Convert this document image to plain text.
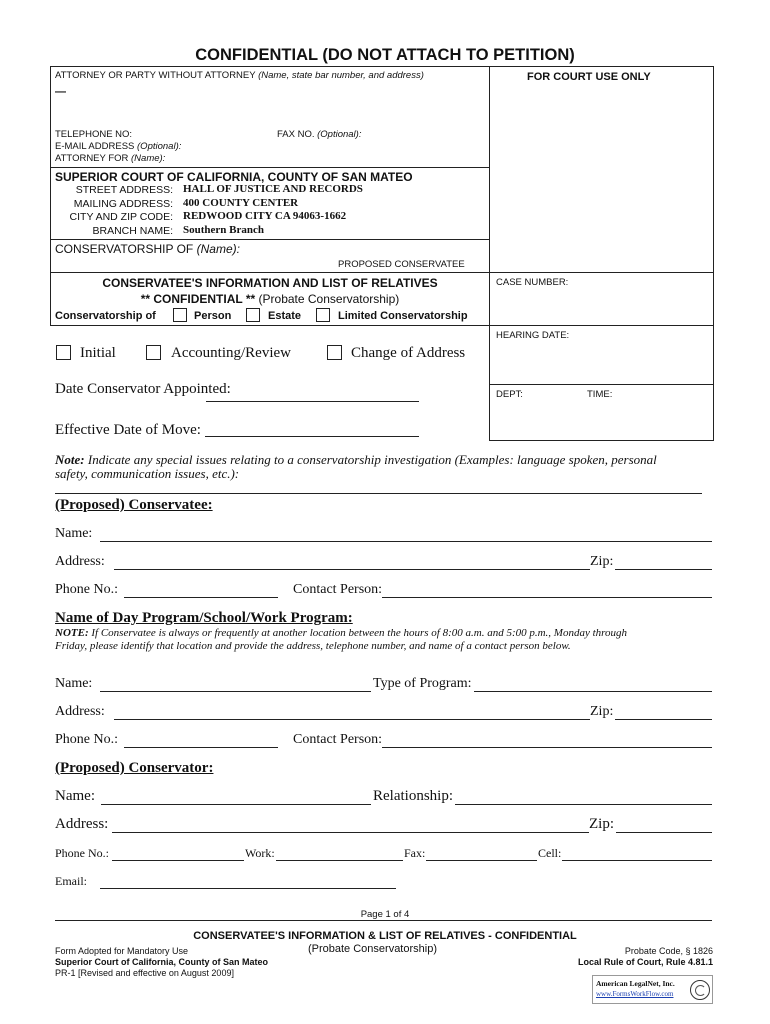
CONFIDENTIAL (DO NOT ATTACH TO PETITION)
ATTORNEY OR PARTY WITHOUT ATTORNEY (Name, state bar number, and address)
—
FOR COURT USE ONLY
TELEPHONE NO:	FAX NO. (Optional):
E-MAIL ADDRESS (Optional):
ATTORNEY FOR (Name):
SUPERIOR COURT OF CALIFORNIA, COUNTY OF SAN MATEO
STREET ADDRESS: HALL OF JUSTICE AND RECORDS
MAILING ADDRESS: 400 COUNTY CENTER
CITY AND ZIP CODE: REDWOOD CITY CA 94063-1662
BRANCH NAME: Southern Branch
CONSERVATORSHIP OF (Name):
PROPOSED CONSERVATEE
CONSERVATEE'S INFORMATION AND LIST OF RELATIVES
** CONFIDENTIAL ** (Probate Conservatorship)
Conservatorship of	Person	Estate	Limited Conservatorship
CASE NUMBER:
HEARING DATE:
DEPT:	TIME:
Initial	Accounting/Review	Change of Address
Date Conservator Appointed:
Effective Date of Move:
Note: Indicate any special issues relating to a conservatorship investigation (Examples: language spoken, personal
safety, communication issues, etc.):
(Proposed) Conservatee:
Name:
Address:	Zip:
Phone No.:	Contact Person:
Name of Day Program/School/Work Program:
NOTE: If Conservatee is always or frequently at another location between the hours of 8:00 a.m. and 5:00 p.m., Monday through
Friday, please identify that location and provide the address, telephone number, and name of a contact person below.
Name:	Type of Program:
Address:	Zip:
Phone No.:	Contact Person:
(Proposed) Conservator:
Name:	Relationship:
Address:	Zip:
Phone No.:	Work:	Fax:	Cell:
Email:
Page 1 of 4
CONSERVATEE'S INFORMATION & LIST OF RELATIVES - CONFIDENTIAL
(Probate Conservatorship)
Form Adopted for Mandatory Use
Superior Court of California, County of San Mateo
PR-1 [Revised and effective on August 2009]
Probate Code, § 1826
Local Rule of Court, Rule 4.81.1
American LegalNet, Inc.
www.FormsWorkFlow.com
